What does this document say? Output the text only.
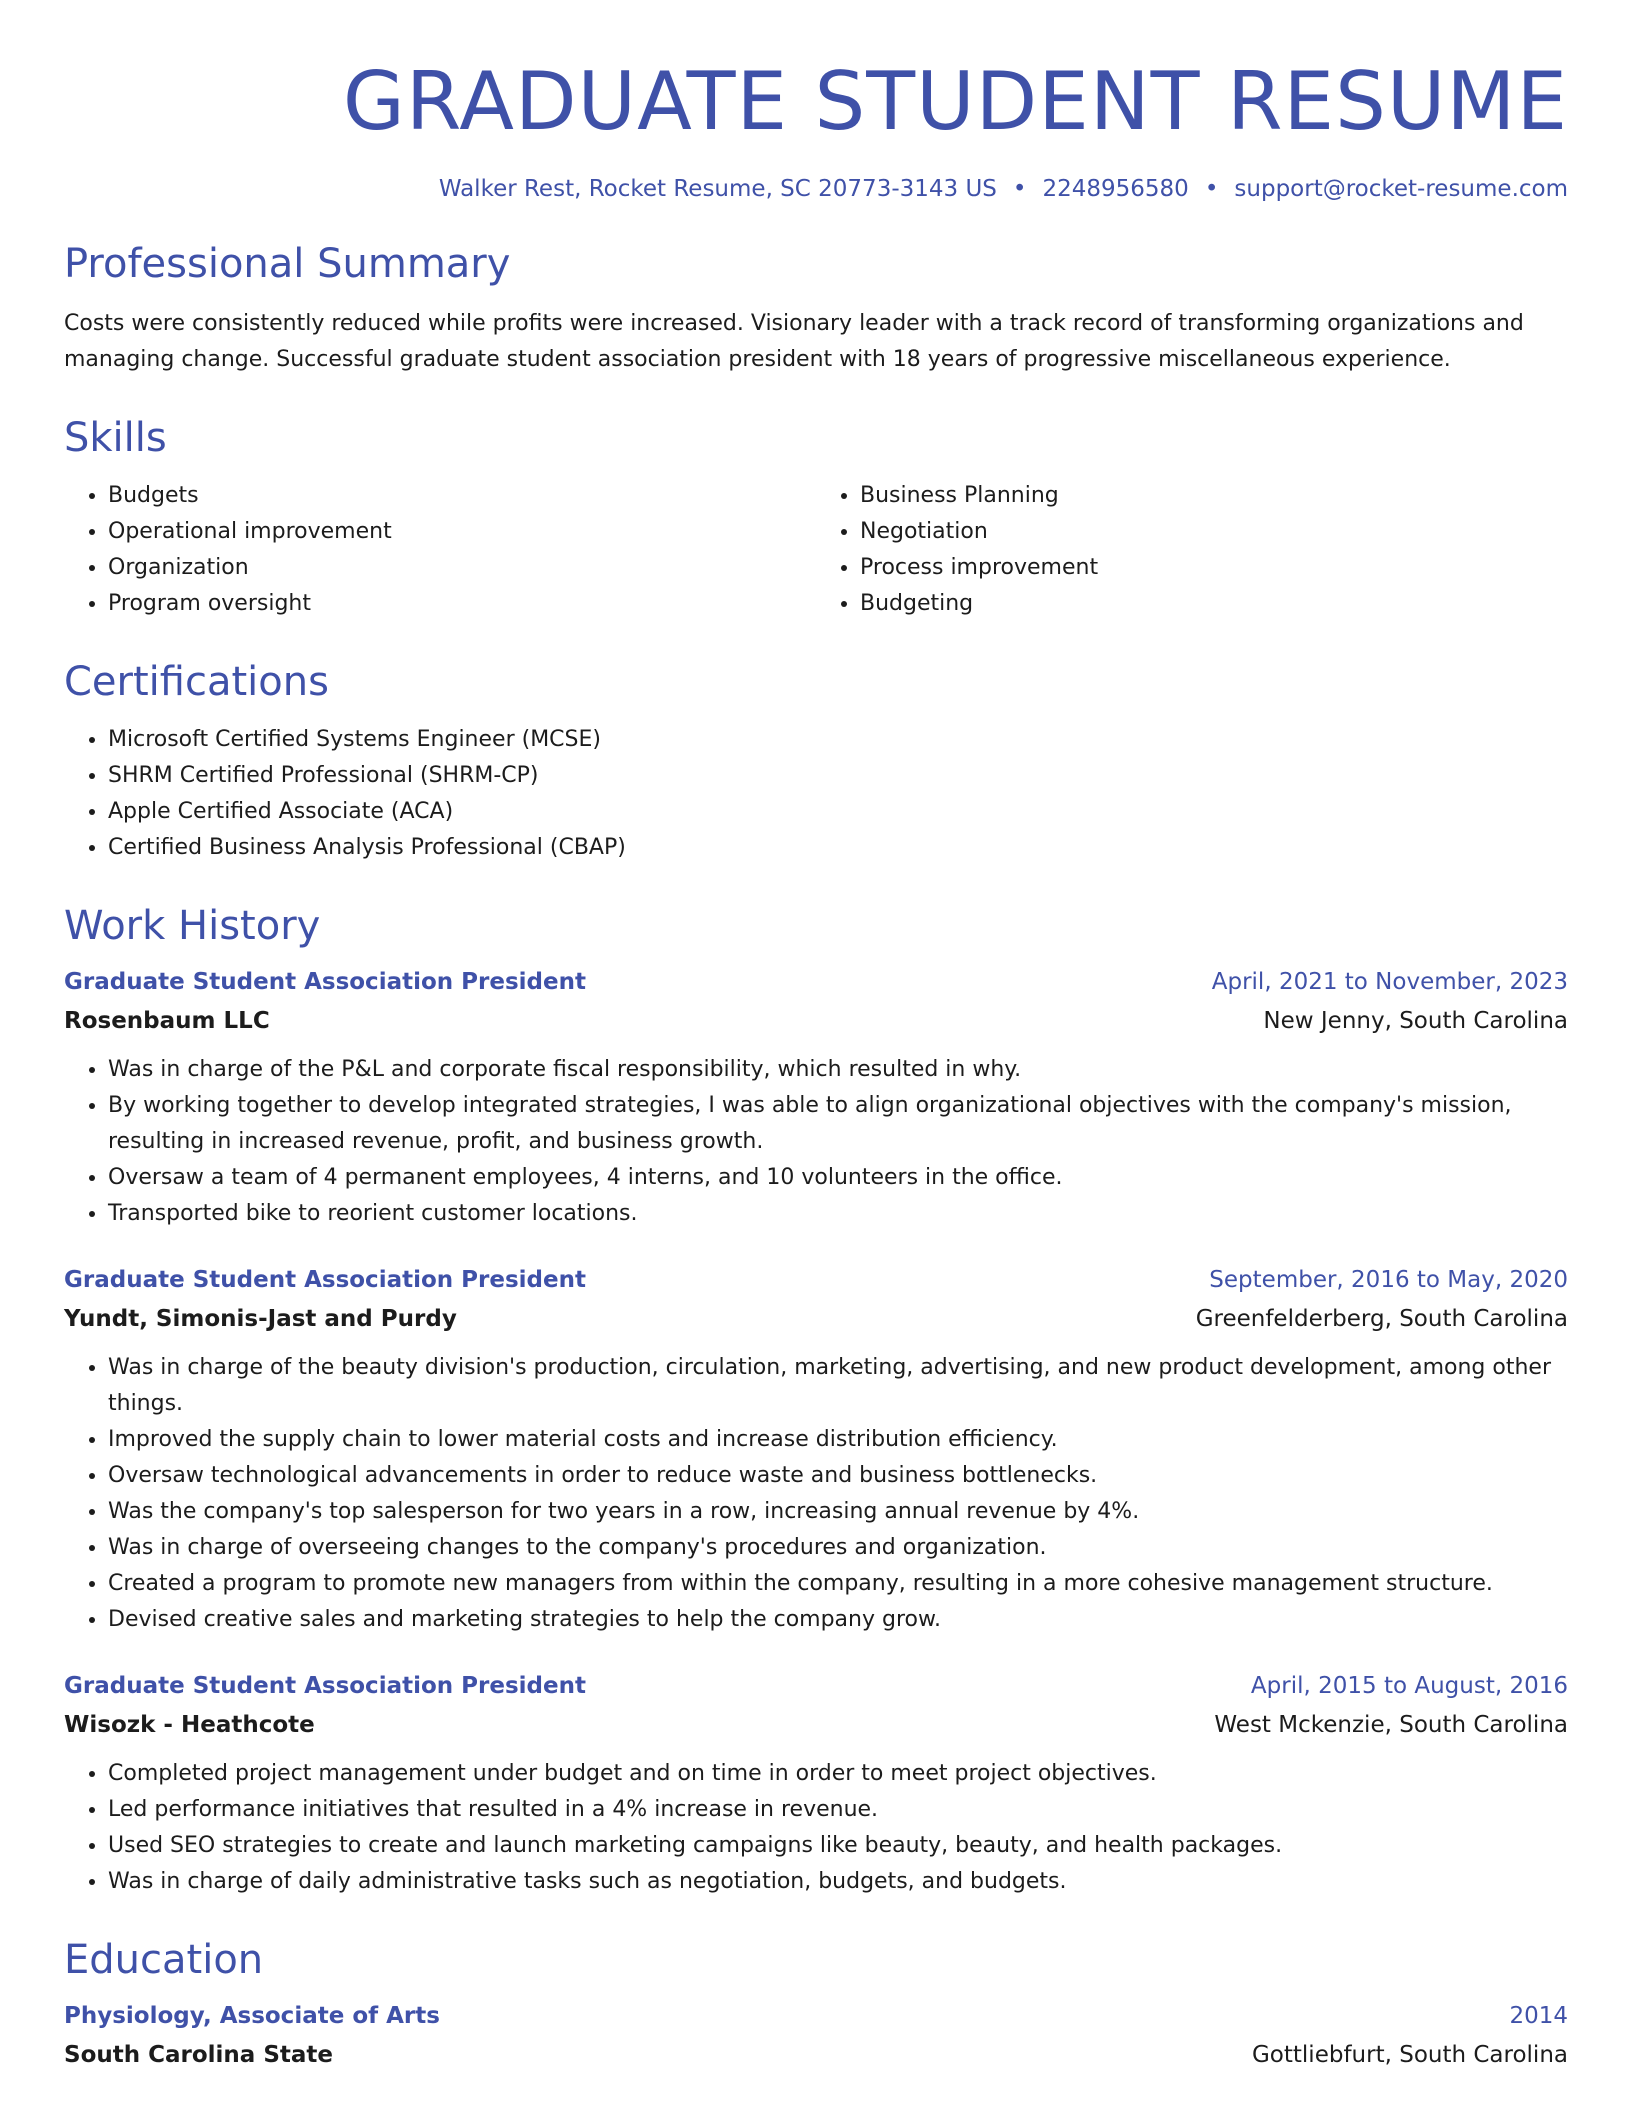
GRADUATE STUDENT RESUME
Walker Rest, Rocket Resume, SC 20773-3143 US • 2248956580 • support@rocket-resume.com
Professional Summary

Costs were consistently reduced while profits were increased. Visionary leader with a track record of transforming organizations and managing change. Successful graduate student association president with 18 years of progressive miscellaneous experience.

Skills
• Budgets
• Operational improvement
• Organization
• Program oversight
• Business Planning
• Negotiation
• Process improvement
• Budgeting
Certifications
• Microsoft Certified Systems Engineer (MCSE)
• SHRM Certified Professional (SHRM-CP)
• Apple Certified Associate (ACA)
• Certified Business Analysis Professional (CBAP)
Work History
Graduate Student Association President	April, 2021 to November, 2023
Rosenbaum LLC	New Jenny, South Carolina
• Was in charge of the P&L and corporate fiscal responsibility, which resulted in why.
• By working together to develop integrated strategies, I was able to align organizational objectives with the company's mission, resulting in increased revenue, profit, and business growth.
• Oversaw a team of 4 permanent employees, 4 interns, and 10 volunteers in the office.
• Transported bike to reorient customer locations.
Graduate Student Association President	September, 2016 to May, 2020
Yundt, Simonis-Jast and Purdy	Greenfelderberg, South Carolina
• Was in charge of the beauty division's production, circulation, marketing, advertising, and new product development, among other things.
• Improved the supply chain to lower material costs and increase distribution efficiency.
• Oversaw technological advancements in order to reduce waste and business bottlenecks.
• Was the company's top salesperson for two years in a row, increasing annual revenue by 4%.
• Was in charge of overseeing changes to the company's procedures and organization.
• Created a program to promote new managers from within the company, resulting in a more cohesive management structure.
• Devised creative sales and marketing strategies to help the company grow.
Graduate Student Association President	April, 2015 to August, 2016
Wisozk - Heathcote	West Mckenzie, South Carolina
• Completed project management under budget and on time in order to meet project objectives.
• Led performance initiatives that resulted in a 4% increase in revenue.
• Used SEO strategies to create and launch marketing campaigns like beauty, beauty, and health packages.
• Was in charge of daily administrative tasks such as negotiation, budgets, and budgets.
Education
Physiology, Associate of Arts	2014
South Carolina State	Gottliebfurt, South Carolina
